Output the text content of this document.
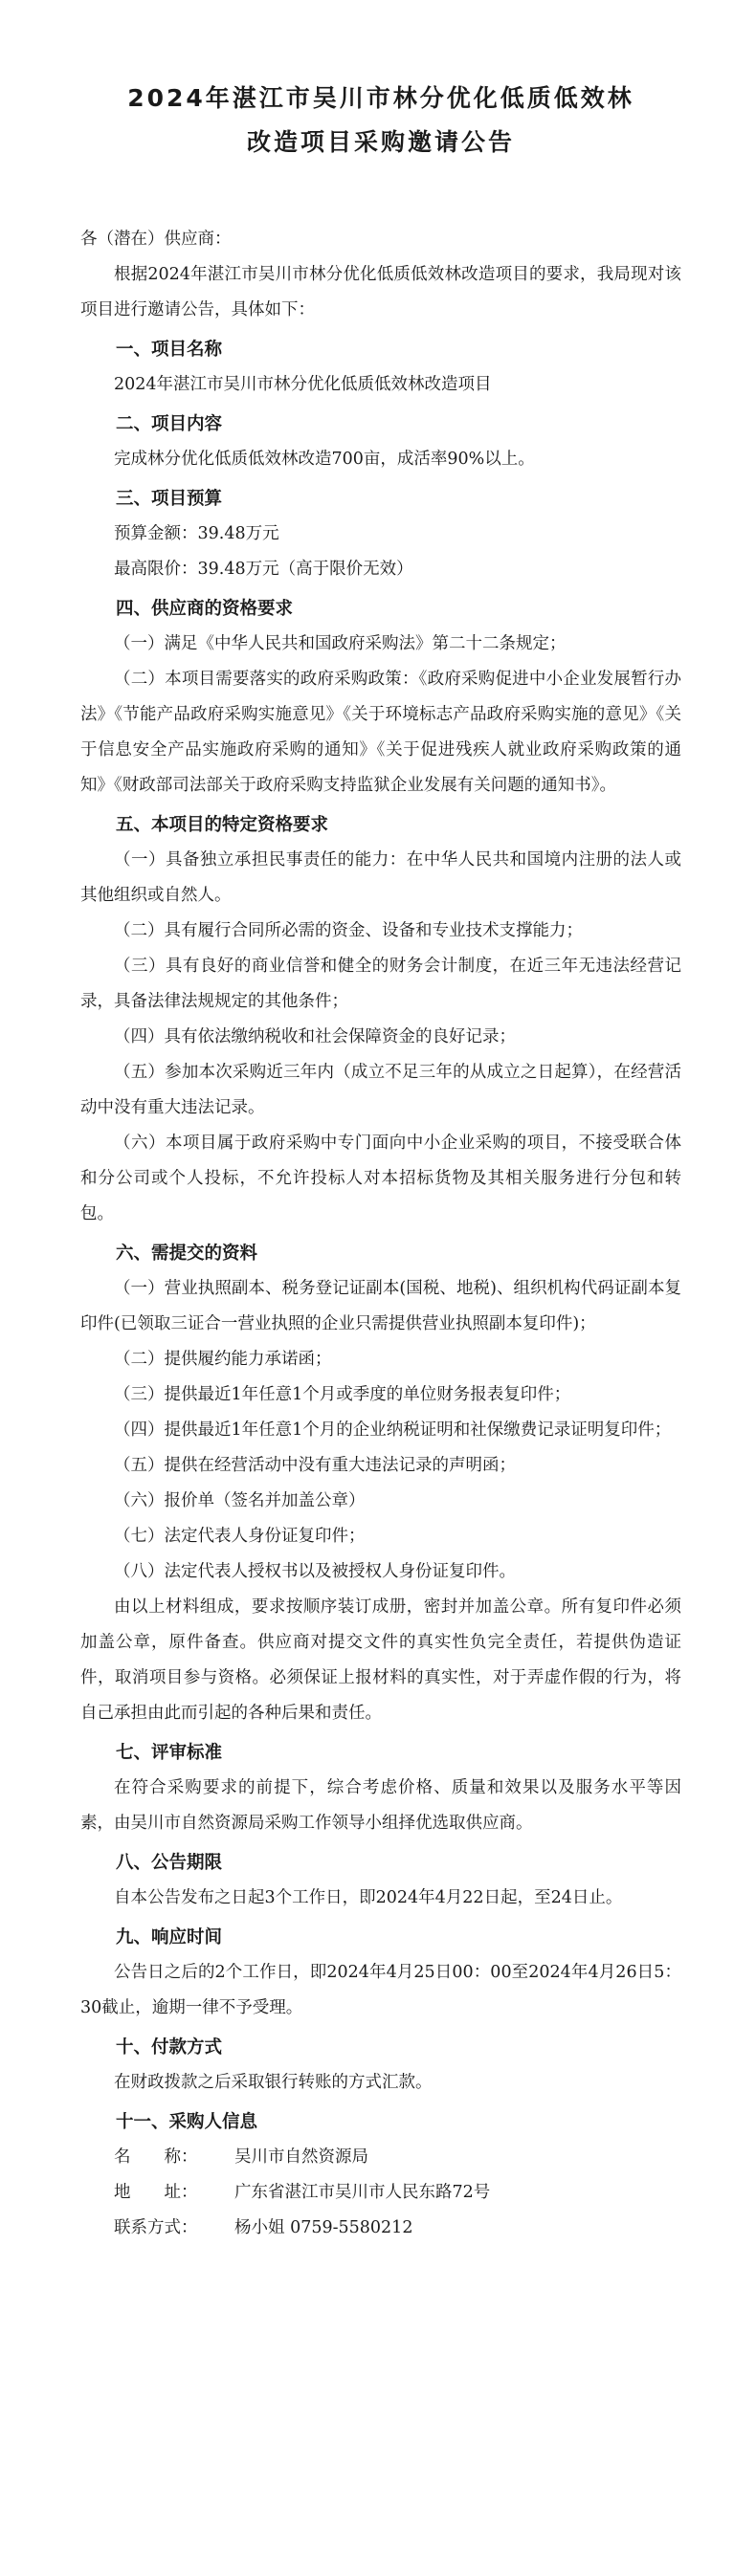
2024年湛江市吴川市林分优化低质低效林
改造项目采购邀请公告
各（潜在）供应商：

根据2024年湛江市吴川市林分优化低质低效林改造项目的要求，我局现对该项目进行邀请公告，具体如下：

一、项目名称

2024年湛江市吴川市林分优化低质低效林改造项目

二、项目内容

完成林分优化低质低效林改造700亩，成活率90%以上。

三、项目预算

预算金额：39.48万元

最高限价：39.48万元（高于限价无效）

四、供应商的资格要求

（一）满足《中华人民共和国政府采购法》第二十二条规定；

（二）本项目需要落实的政府采购政策：《政府采购促进中小企业发展暂行办法》《节能产品政府采购实施意见》《关于环境标志产品政府采购实施的意见》《关于信息安全产品实施政府采购的通知》《关于促进残疾人就业政府采购政策的通知》《财政部司法部关于政府采购支持监狱企业发展有关问题的通知书》。

五、本项目的特定资格要求

（一）具备独立承担民事责任的能力：在中华人民共和国境内注册的法人或其他组织或自然人。

（二）具有履行合同所必需的资金、设备和专业技术支撑能力；

（三）具有良好的商业信誉和健全的财务会计制度，在近三年无违法经营记录，具备法律法规规定的其他条件；

（四）具有依法缴纳税收和社会保障资金的良好记录；

（五）参加本次采购近三年内（成立不足三年的从成立之日起算），在经营活动中没有重大违法记录。

（六）本项目属于政府采购中专门面向中小企业采购的项目，不接受联合体和分公司或个人投标，不允许投标人对本招标货物及其相关服务进行分包和转包。

六、需提交的资料

（一）营业执照副本、税务登记证副本(国税、地税)、组织机构代码证副本复印件(已领取三证合一营业执照的企业只需提供营业执照副本复印件)；

（二）提供履约能力承诺函；

（三）提供最近1年任意1个月或季度的单位财务报表复印件；

（四）提供最近1年任意1个月的企业纳税证明和社保缴费记录证明复印件；

（五）提供在经营活动中没有重大违法记录的声明函；

（六）报价单（签名并加盖公章）

（七）法定代表人身份证复印件；

（八）法定代表人授权书以及被授权人身份证复印件。

由以上材料组成，要求按顺序装订成册，密封并加盖公章。所有复印件必须加盖公章，原件备查。供应商对提交文件的真实性负完全责任，若提供伪造证件，取消项目参与资格。必须保证上报材料的真实性，对于弄虚作假的行为，将自己承担由此而引起的各种后果和责任。

七、评审标准

在符合采购要求的前提下，综合考虑价格、质量和效果以及服务水平等因素，由吴川市自然资源局采购工作领导小组择优选取供应商。

八、公告期限

自本公告发布之日起3个工作日，即2024年4月22日起，至24日止。

九、响应时间

公告日之后的2个工作日，即2024年4月25日00：00至2024年4月26日5：30截止，逾期一律不予受理。

十、付款方式

在财政拨款之后采取银行转账的方式汇款。

十一、采购人信息
名　　称：	吴川市自然资源局
地　　址：	广东省湛江市吴川市人民东路72号
联系方式：	杨小姐 0759-5580212
